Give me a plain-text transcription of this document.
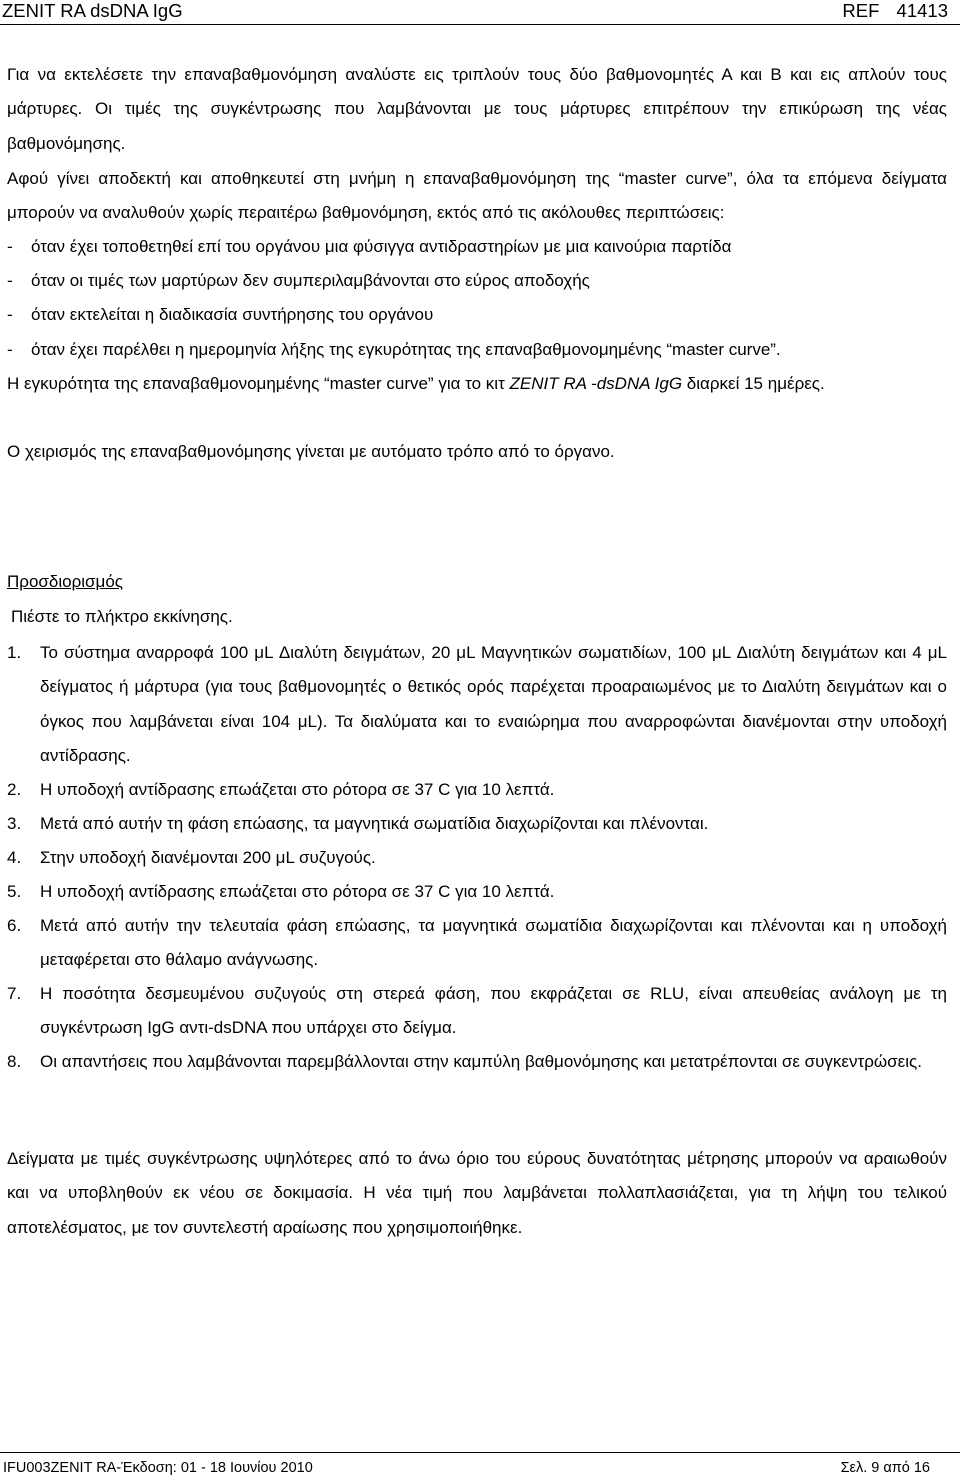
ZENIT RA dsDNA IgG	REF 41413

Για να εκτελέσετε την επαναβαθμονόμηση αναλύστε εις τριπλούν τους δύο βαθμονομητές Α και Β και εις απλούν τους μάρτυρες. Οι τιμές της συγκέντρωσης που λαμβάνονται με τους μάρτυρες επιτρέπουν την επικύρωση της νέας βαθμονόμησης.

Αφού γίνει αποδεκτή και αποθηκευτεί στη μνήμη η επαναβαθμονόμηση της “master curve”, όλα τα επόμενα δείγματα μπορούν να αναλυθούν χωρίς περαιτέρω βαθμονόμηση, εκτός από τις ακόλουθες περιπτώσεις:

- όταν έχει τοποθετηθεί επί του οργάνου μια φύσιγγα αντιδραστηρίων με μια καινούρια παρτίδα

- όταν οι τιμές των μαρτύρων δεν συμπεριλαμβάνονται στο εύρος αποδοχής

- όταν εκτελείται η διαδικασία συντήρησης του οργάνου

- όταν έχει παρέλθει η ημερομηνία λήξης της εγκυρότητας της επαναβαθμονομημένης “master curve”.

Η εγκυρότητα της επαναβαθμονομημένης “master curve” για το κιτ ZENIT RA -dsDNA IgG διαρκεί 15 ημέρες.

Ο χειρισμός της επαναβαθμονόμησης γίνεται με αυτόματο τρόπο από το όργανο.

Προσδιορισμός
Πιέστε το πλήκτρο εκκίνησης.
1.	Το σύστημα αναρροφά 100 μL Διαλύτη δειγμάτων, 20 μL Μαγνητικών σωματιδίων, 100 μL Διαλύτη δειγμάτων και 4 μL δείγματος ή μάρτυρα (για τους βαθμονομητές ο θετικός ορός παρέχεται προαραιωμένος με το Διαλύτη δειγμάτων και ο όγκος που λαμβάνεται είναι 104 μL). Τα διαλύματα και το εναιώρημα που αναρροφώνται διανέμονται στην υποδοχή αντίδρασης.
2.	Η υποδοχή αντίδρασης επωάζεται στο ρότορα σε 37 C για 10 λεπτά.
3.	Μετά από αυτήν τη φάση επώασης, τα μαγνητικά σωματίδια διαχωρίζονται και πλένονται.
4.	Στην υποδοχή διανέμονται 200 μL συζυγούς.
5.	Η υποδοχή αντίδρασης επωάζεται στο ρότορα σε 37 C για 10 λεπτά.
6.	Μετά από αυτήν την τελευταία φάση επώασης, τα μαγνητικά σωματίδια διαχωρίζονται και πλένονται και η υποδοχή μεταφέρεται στο θάλαμο ανάγνωσης.
7.	Η ποσότητα δεσμευμένου συζυγούς στη στερεά φάση, που εκφράζεται σε RLU, είναι απευθείας ανάλογη με τη συγκέντρωση IgG αντι-dsDNA που υπάρχει στο δείγμα.
8.	Οι απαντήσεις που λαμβάνονται παρεμβάλλονται στην καμπύλη βαθμονόμησης και μετατρέπονται σε συγκεντρώσεις.

Δείγματα με τιμές συγκέντρωσης υψηλότερες από το άνω όριο του εύρους δυνατότητας μέτρησης μπορούν να αραιωθούν και να υποβληθούν εκ νέου σε δοκιμασία. Η νέα τιμή που λαμβάνεται πολλαπλασιάζεται, για τη λήψη του τελικού αποτελέσματος, με τον συντελεστή αραίωσης που χρησιμοποιήθηκε.

IFU003ZENIT RA-Έκδοση: 01 - 18 Ιουνίου 2010	Σελ. 9 από 16
